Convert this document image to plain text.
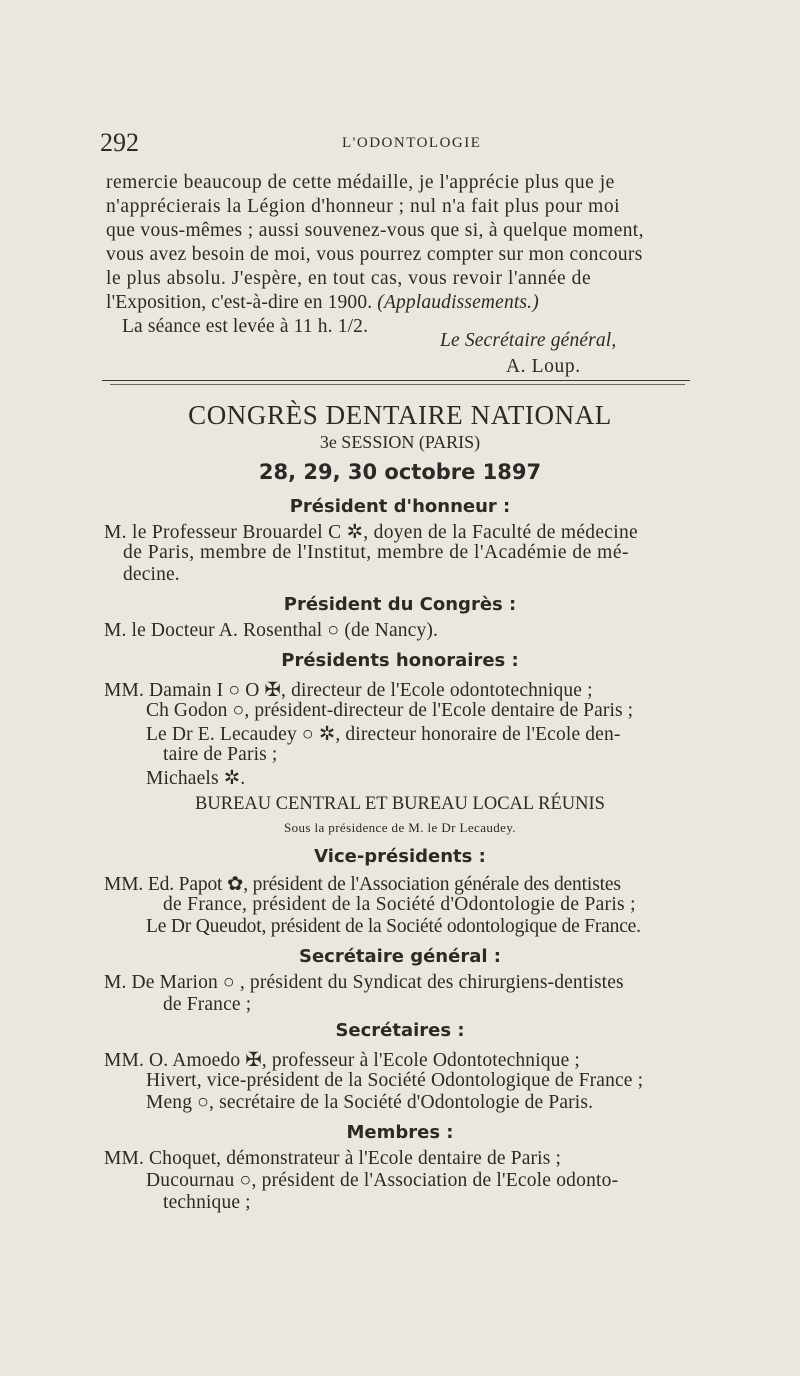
292	L'ODONTOLOGIE
remercie beaucoup de cette médaille, je l'apprécie plus que je
n'apprécierais la Légion d'honneur ; nul n'a fait plus pour moi
que vous-mêmes ; aussi souvenez-vous que si, à quelque moment,
vous avez besoin de moi, vous pourrez compter sur mon concours
le plus absolu. J'espère, en tout cas, vous revoir l'année de
l'Exposition, c'est-à-dire en 1900. (Applaudissements.)
La séance est levée à 11 h. 1/2.
Le Secrétaire général,
A. Loup.
CONGRÈS DENTAIRE NATIONAL
3e SESSION (PARIS)
28, 29, 30 octobre 1897
Président d'honneur :
M. le Professeur Brouardel C ✲, doyen de la Faculté de médecine
de Paris, membre de l'Institut, membre de l'Académie de mé-
decine.
Président du Congrès :
M. le Docteur A. Rosenthal ○ (de Nancy).
Présidents honoraires :
MM. Damain I ○ O ✠, directeur de l'Ecole odontotechnique ;
Ch Godon ○, président-directeur de l'Ecole dentaire de Paris ;
Le Dr E. Lecaudey ○ ✲, directeur honoraire de l'Ecole den-
taire de Paris ;
Michaels ✲.
BUREAU CENTRAL ET BUREAU LOCAL RÉUNIS
Sous la présidence de M. le Dr Lecaudey.
Vice-présidents :
MM. Ed. Papot ✿, président de l'Association générale des dentistes
de France, président de la Société d'Odontologie de Paris ;
Le Dr Queudot, président de la Société odontologique de France.
Secrétaire général :
M. De Marion ○ , président du Syndicat des chirurgiens-dentistes
de France ;
Secrétaires :
MM. O. Amoedo ✠, professeur à l'Ecole Odontotechnique ;
Hivert, vice-président de la Société Odontologique de France ;
Meng ○, secrétaire de la Société d'Odontologie de Paris.
Membres :
MM. Choquet, démonstrateur à l'Ecole dentaire de Paris ;
Ducournau ○, président de l'Association de l'Ecole odonto-
technique ;
